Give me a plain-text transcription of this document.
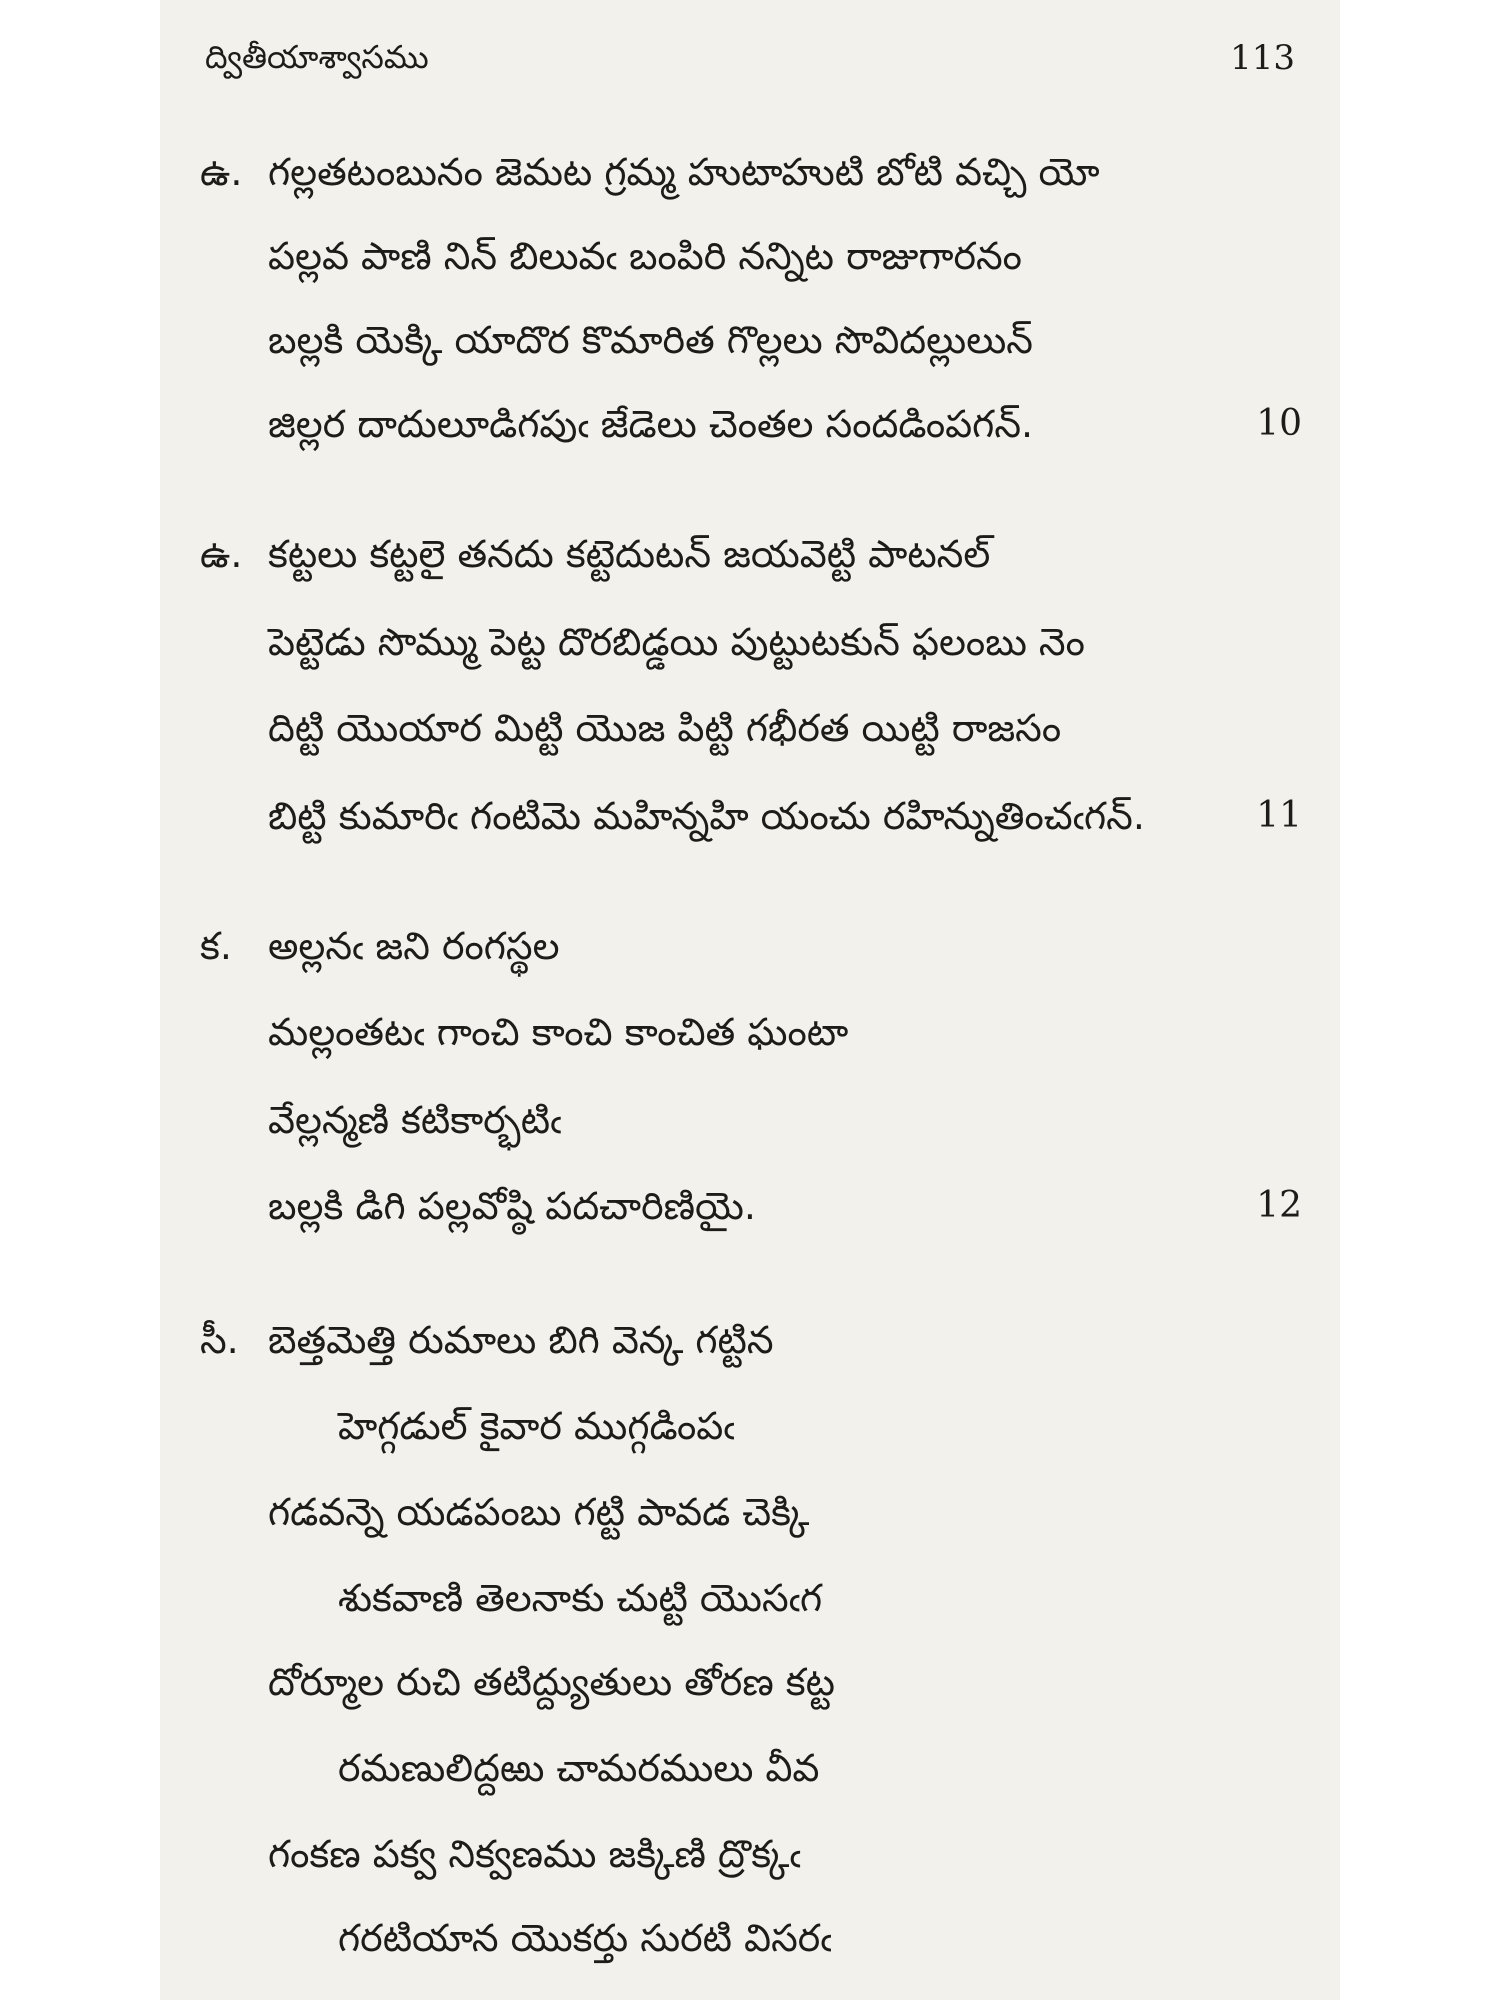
ద్వితీయాశ్వాసము	113
ఉ. గల్లతటంబునం జెమట గ్రమ్మ హుటాహుటి బోటి వచ్చి యో
పల్లవ పాణి నిన్ బిలువఁ బంపిరి నన్నిట రాజుగారనం
బల్లకి యెక్కి యాదొర కొమారిత గొల్లలు సొవిదల్లులున్
జిల్లర దాదులూడిగపుఁ జేడెలు చెంతల సందడింపగన్.	10
ఉ. కట్టలు కట్టలై తనదు కట్టెదుటన్ జయవెట్టి పాటనల్
పెట్టెడు సొమ్ము పెట్ట దొరబిడ్డయి పుట్టుటకున్ ఫలంబు నెం
దిట్టి యొయార మిట్టి యొజ పిట్టి గభీరత యిట్టి రాజసం
బిట్టి కుమారిఁ గంటిమె మహిన్నహి యంచు రహిన్నుతించఁగన్.	11
క. అల్లనఁ జని రంగస్థల
మల్లంతటఁ గాంచి కాంచి కాంచిత ఘంటా
వేల్లన్మణి కటికార్భటిఁ
బల్లకి డిగి పల్లవోష్ఠి పదచారిణియై.	12
సీ. బెత్తమెత్తి రుమాలు బిగి వెన్క గట్టిన
హెగ్గడుల్ కైవార ముగ్గడింపఁ
గడవన్నె యడపంబు గట్టి పావడ చెక్కి
శుకవాణి తెలనాకు చుట్టి యొసఁగ
దోర్మూల రుచి తటిద్ద్యుతులు తోరణ కట్ట
రమణులిద్దఱు చామరములు వీవ
గంకణ పక్వ నిక్వణము జక్కిణి ద్రొక్కఁ
గరటియాన యొకర్తు సురటి విసరఁ
